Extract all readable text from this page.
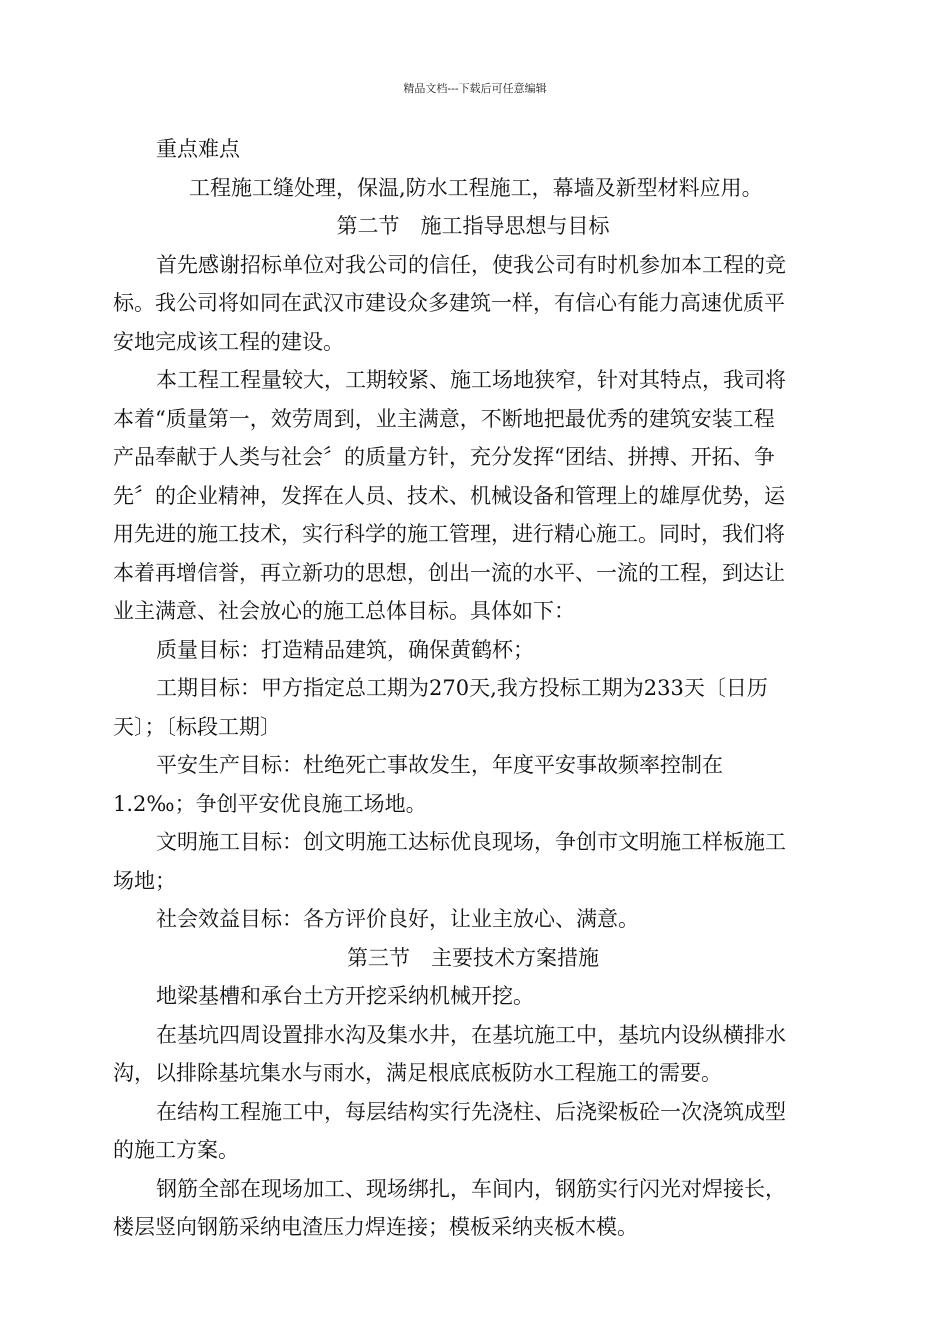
精品文档---下载后可任意编辑
重点难点
工程施工缝处理，保温,防水工程施工，幕墙及新型材料应用。
第二节　施工指导思想与目标
首先感谢招标单位对我公司的信任，使我公司有时机参加本工程的竞
标。我公司将如同在武汉市建设众多建筑一样，有信心有能力高速优质平
安地完成该工程的建设。
本工程工程量较大，工期较紧、施工场地狭窄，针对其特点，我司将
本着“质量第一，效劳周到，业主满意，不断地把最优秀的建筑安装工程
产品奉献于人类与社会〞的质量方针，充分发挥“团结、拼搏、开拓、争
先〞的企业精神，发挥在人员、技术、机械设备和管理上的雄厚优势，运
用先进的施工技术，实行科学的施工管理，进行精心施工。同时，我们将
本着再增信誉，再立新功的思想，创出一流的水平、一流的工程，到达让
业主满意、社会放心的施工总体目标。具体如下：
质量目标：打造精品建筑，确保黄鹤杯；
工期目标：甲方指定总工期为270天,我方投标工期为233天〔日历
天〕；〔标段工期〕
平安生产目标：杜绝死亡事故发生，年度平安事故频率控制在
1.2‰；争创平安优良施工场地。
文明施工目标：创文明施工达标优良现场，争创市文明施工样板施工
场地；
社会效益目标：各方评价良好，让业主放心、满意。
第三节　主要技术方案措施
地梁基槽和承台土方开挖采纳机械开挖。
在基坑四周设置排水沟及集水井，在基坑施工中，基坑内设纵横排水
沟，以排除基坑集水与雨水，满足根底底板防水工程施工的需要。
在结构工程施工中，每层结构实行先浇柱、后浇梁板砼一次浇筑成型
的施工方案。
钢筋全部在现场加工、现场绑扎，车间内，钢筋实行闪光对焊接长，
楼层竖向钢筋采纳电渣压力焊连接；模板采纳夹板木模。
